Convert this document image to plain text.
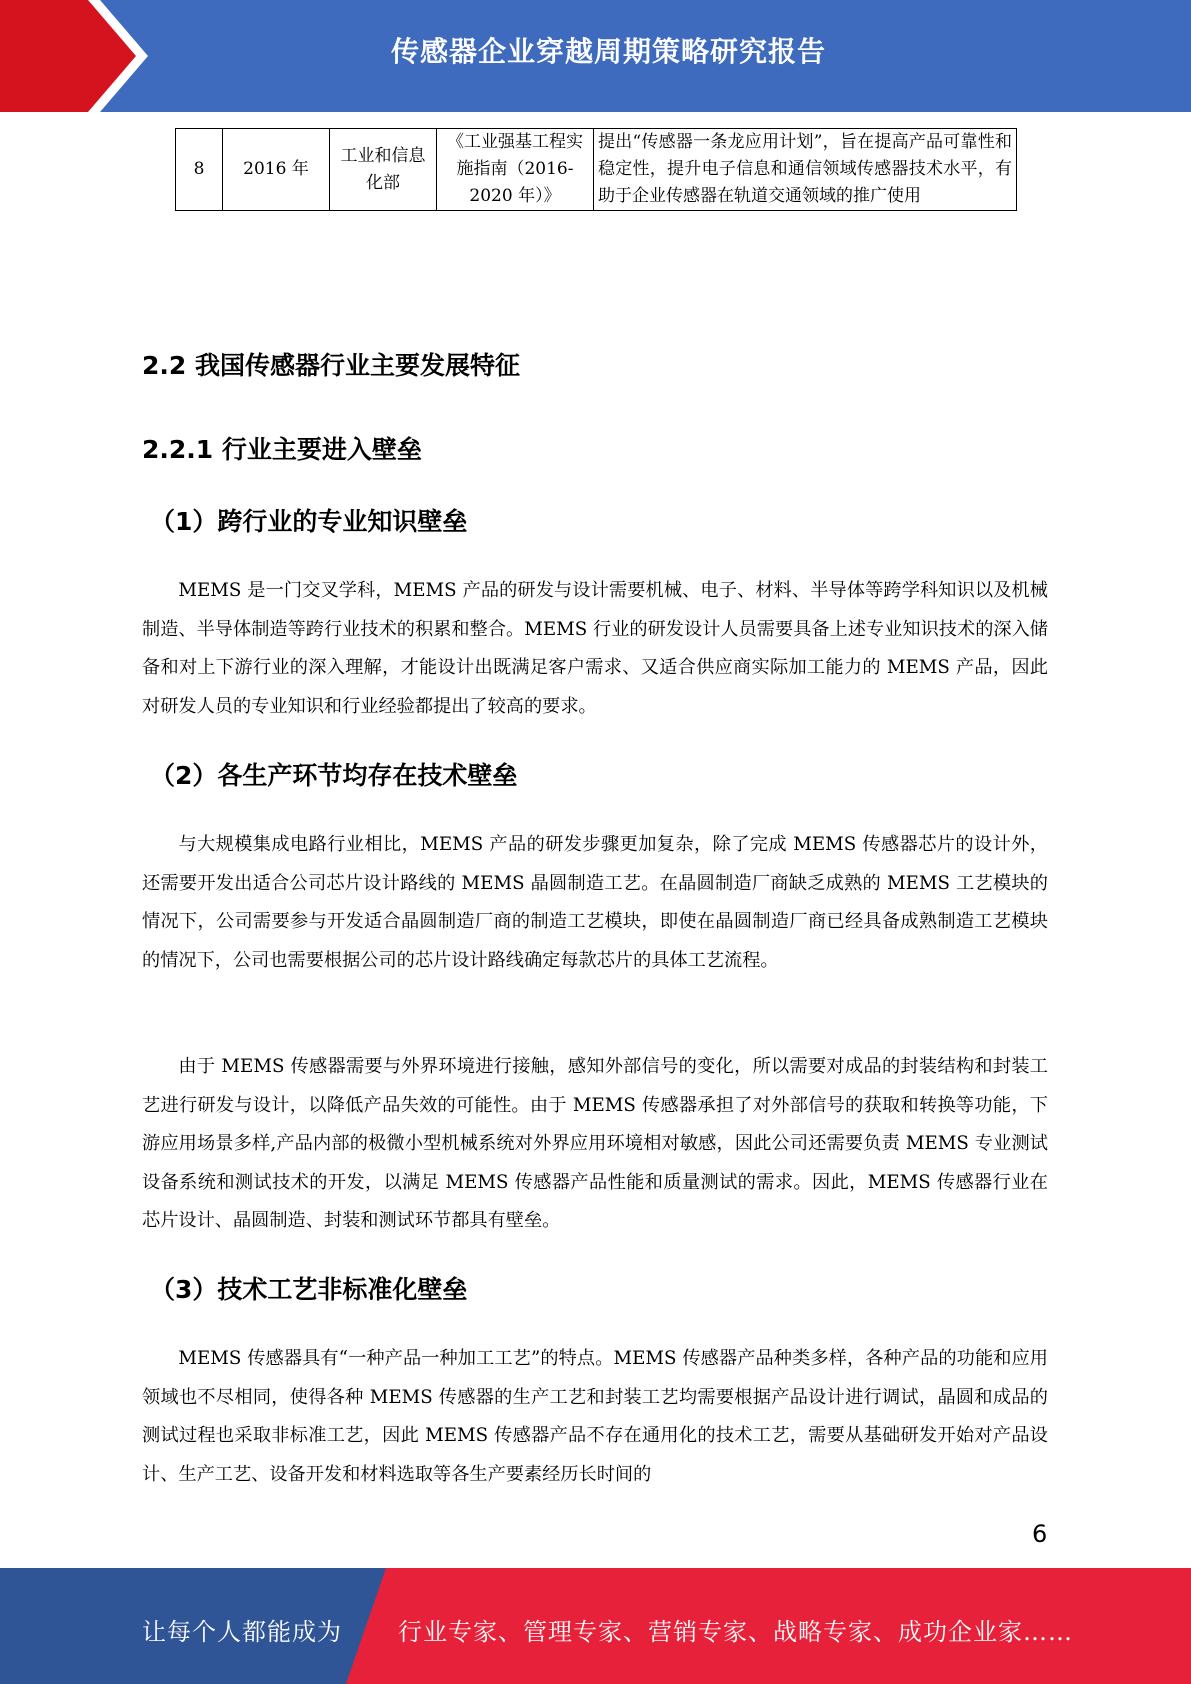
传感器企业穿越周期策略研究报告
8	2016 年	工业和信息化部	《工业强基工程实施指南（2016-2020 年）》	提出“传感器一条龙应用计划”，旨在提高产品可靠性和稳定性，提升电子信息和通信领域传感器技术水平，有助于企业传感器在轨道交通领域的推广使用
2.2 我国传感器行业主要发展特征
2.2.1 行业主要进入壁垒
（1）跨行业的专业知识壁垒

MEMS 是一门交叉学科，MEMS 产品的研发与设计需要机械、电子、材料、半导体等跨学科知识以及机械制造、半导体制造等跨行业技术的积累和整合。MEMS 行业的研发设计人员需要具备上述专业知识技术的深入储备和对上下游行业的深入理解，才能设计出既满足客户需求、又适合供应商实际加工能力的 MEMS 产品，因此对研发人员的专业知识和行业经验都提出了较高的要求。

（2）各生产环节均存在技术壁垒

与大规模集成电路行业相比，MEMS 产品的研发步骤更加复杂，除了完成 MEMS 传感器芯片的设计外，还需要开发出适合公司芯片设计路线的 MEMS 晶圆制造工艺。在晶圆制造厂商缺乏成熟的 MEMS 工艺模块的情况下，公司需要参与开发适合晶圆制造厂商的制造工艺模块，即使在晶圆制造厂商已经具备成熟制造工艺模块的情况下，公司也需要根据公司的芯片设计路线确定每款芯片的具体工艺流程。

由于 MEMS 传感器需要与外界环境进行接触，感知外部信号的变化，所以需要对成品的封装结构和封装工艺进行研发与设计，以降低产品失效的可能性。由于 MEMS 传感器承担了对外部信号的获取和转换等功能，下游应用场景多样,产品内部的极微小型机械系统对外界应用环境相对敏感，因此公司还需要负责 MEMS 专业测试设备系统和测试技术的开发，以满足 MEMS 传感器产品性能和质量测试的需求。因此，MEMS 传感器行业在芯片设计、晶圆制造、封装和测试环节都具有壁垒。

（3）技术工艺非标准化壁垒

MEMS 传感器具有“一种产品一种加工工艺”的特点。MEMS 传感器产品种类多样，各种产品的功能和应用领域也不尽相同，使得各种 MEMS 传感器的生产工艺和封装工艺均需要根据产品设计进行调试，晶圆和成品的测试过程也采取非标准工艺，因此 MEMS 传感器产品不存在通用化的技术工艺，需要从基础研发开始对产品设计、生产工艺、设备开发和材料选取等各生产要素经历长时间的

6
让每个人都能成为 行业专家、管理专家、营销专家、战略专家、成功企业家……
